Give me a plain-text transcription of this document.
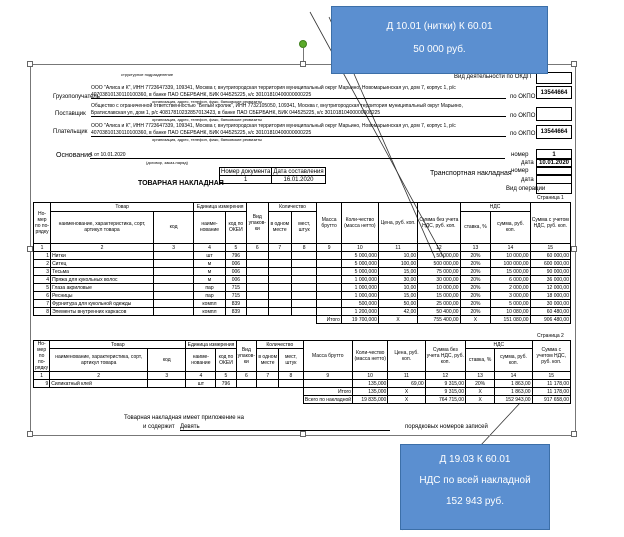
структурное подразделение	Вид деятельности по ОКДП
Грузополучатель
ООО "Алиса и К", ИНН 7723647339, 109341, Москва г, внутригородская территория муниципальный округ Марьино, Новомарьинская ул, дом 7, корпус 1, р/с
40703810130110100360, в банке ПАО СБЕРБАНК, БИК 044525225, к/с 30101810400000000225
организация, адрес, телефон, факс, банковские реквизиты
по ОКПО
13544664
Поставщик
Общество с ограниченной ответственностью "Белый кролик", ИНН 7732105050, 109341, Москва г, внутригородская территория муниципальный округ Марьино,
Братиславская ул, дом 1, р/с 40817810232857013423, в банке ПАО СБЕРБАНК, БИК 044525225, к/с 30101810400000000225
организация, адрес, телефон, факс, банковские реквизиты
по ОКПО
Плательщик
ООО "Алиса и К", ИНН 7723647339, 109341, Москва г, внутригородская территория муниципальный округ Марьино, Новомарьинская ул, дом 7, корпус 1, р/с
40703810130110100360, в банке ПАО СБЕРБАНК, БИК 044525225, к/с 30101810400000000225
организация, адрес, телефон, факс, банковские реквизиты
по ОКПО 13544664
Основание
1 от 10.01.2020
(договор, заказ-наряд)
номер	1
дата 10.01.2020
Транспортная накладная номер
дата
Вид операции
ТОВАРНАЯ НАКЛАДНАЯ
Номер документа	Дата составления
1	16.01.2020
Страница 1
Но-мер по по-рядку	Товар		Единица измерения		Вид упаков-ки	Количество		Масса брутто	Коли-чество (масса нетто)	Цена, руб. коп.	Сумма без учета НДС, руб. коп.	НДС		Сумма с учетом НДС, руб. коп.
	наименование, характеристика, сорт, артикул товара	код	наиме-нование	код по ОКЕИ		в одном месте	мест, штук					ставка, %	сумма, руб. коп.	
1	2	3	4	5	6	7	8	9	10	11	12	13	14	15
1	Нитки		шт	796					5 000,000	10,00	50 000,00	20%	10 000,00	60 000,00
2	Ситец		м	006					5 000,000	100,00	500 000,00	20%	100 000,00	600 000,00
3	Тесьма		м	006					5 000,000	15,00	75 000,00	20%	15 000,00	90 000,00
4	Пряжа для кукольных волос		м	006					1 000,000	30,00	30 000,00	20%	6 000,00	36 000,00
5	Глаза акриловые		пар	715					1 000,000	10,00	10 000,00	20%	2 000,00	12 000,00
6	Ресницы		пар	715					1 000,000	15,00	15 000,00	20%	3 000,00	18 000,00
7	Фурнитура для кукольной одежды		компл	839					500,000	50,00	25 000,00	20%	5 000,00	30 000,00
8	Элементы внутренних каркасов		компл	839					1 200,000	42,00	50 400,00	20%	10 080,00	60 480,00
								Итого	19 700,000	X	755 400,00	X	151 080,00	906 480,00
Страница 2
Но-мер по по-рядку	Товар		Единица измерения		Вид упаков-ки	Количество		Масса брутто	Коли-чество (масса нетто)	Цена, руб. коп.	Сумма без учета НДС, руб. коп.	НДС		Сумма с учетом НДС, руб. коп.
	наименование, характеристика, сорт, артикул товара	код	наиме-нование	код по ОКЕИ		в одном месте	мест, штук					ставка, %	сумма, руб. коп.	
1	2	3	4	5	6	7	8	9	10	11	12	13	14	15
9	Силикатный клей		шт	796					135,000	69,00	9 315,00	20%	1 863,00	11 178,00
								Итого	135,000	X	9 315,00	X	1 863,00	11 178,00
								Всего по накладной	19 835,000	X	764 715,00	X	152 943,00	917 658,00
Товарная накладная имеет приложение на
и содержит Девять	порядковых номеров записей
Д 10.01 (нитки) К 60.01
50 000 руб.
Д 19.03 К 60.01
НДС по всей накладной
152 943 руб.
